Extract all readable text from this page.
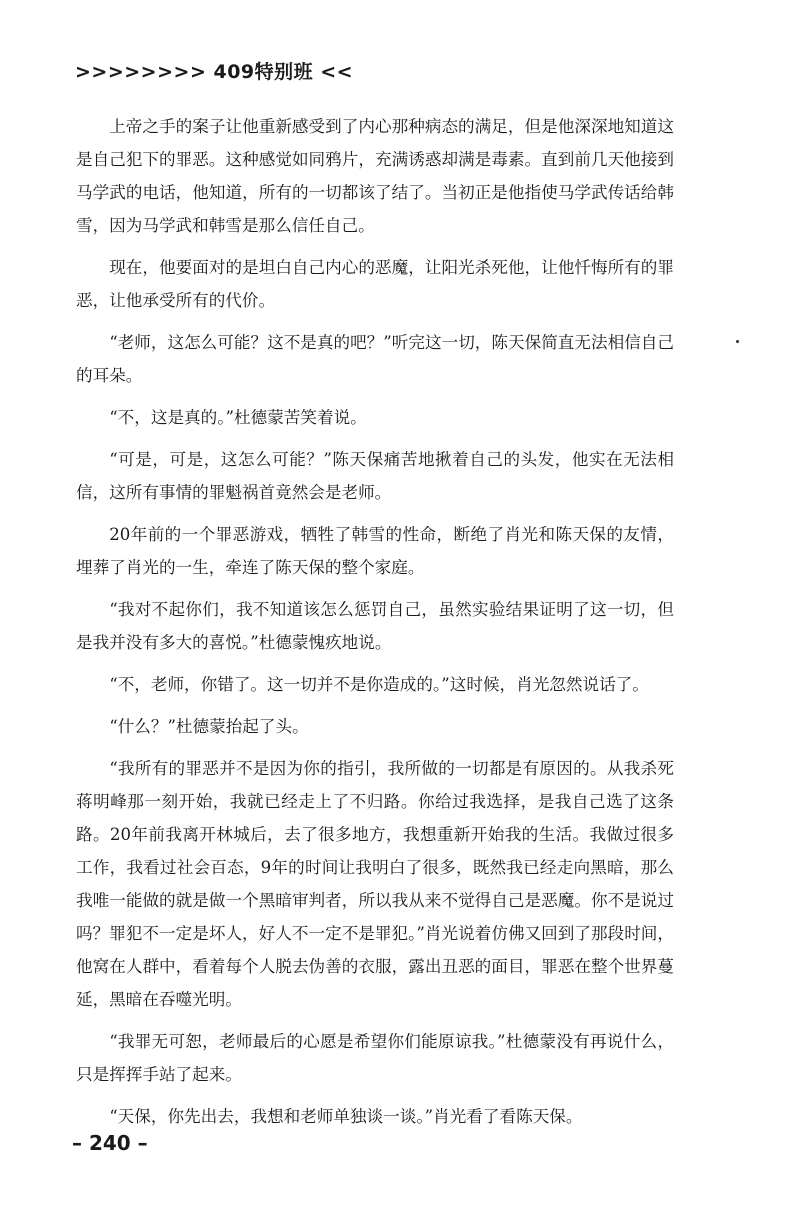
>>>>>>>> 409特别班 <<

上帝之手的案子让他重新感受到了内心那种病态的满足，但是他深深地知道这是自己犯下的罪恶。这种感觉如同鸦片，充满诱惑却满是毒素。直到前几天他接到马学武的电话，他知道，所有的一切都该了结了。当初正是他指使马学武传话给韩雪，因为马学武和韩雪是那么信任自己。

现在，他要面对的是坦白自己内心的恶魔，让阳光杀死他，让他忏悔所有的罪恶，让他承受所有的代价。

“老师，这怎么可能？这不是真的吧？”听完这一切，陈天保简直无法相信自己的耳朵。

“不，这是真的。”杜德蒙苦笑着说。

“可是，可是，这怎么可能？”陈天保痛苦地揪着自己的头发，他实在无法相信，这所有事情的罪魁祸首竟然会是老师。

20年前的一个罪恶游戏，牺牲了韩雪的性命，断绝了肖光和陈天保的友情，埋葬了肖光的一生，牵连了陈天保的整个家庭。

“我对不起你们，我不知道该怎么惩罚自己，虽然实验结果证明了这一切，但是我并没有多大的喜悦。”杜德蒙愧疚地说。

“不，老师，你错了。这一切并不是你造成的。”这时候，肖光忽然说话了。

“什么？”杜德蒙抬起了头。

“我所有的罪恶并不是因为你的指引，我所做的一切都是有原因的。从我杀死蒋明峰那一刻开始，我就已经走上了不归路。你给过我选择，是我自己选了这条路。20年前我离开林城后，去了很多地方，我想重新开始我的生活。我做过很多工作，我看过社会百态，9年的时间让我明白了很多，既然我已经走向黑暗，那么我唯一能做的就是做一个黑暗审判者，所以我从来不觉得自己是恶魔。你不是说过吗？罪犯不一定是坏人，好人不一定不是罪犯。”肖光说着仿佛又回到了那段时间，他窝在人群中，看着每个人脱去伪善的衣服，露出丑恶的面目，罪恶在整个世界蔓延，黑暗在吞噬光明。

“我罪无可恕，老师最后的心愿是希望你们能原谅我。”杜德蒙没有再说什么，只是挥挥手站了起来。

“天保，你先出去，我想和老师单独谈一谈。”肖光看了看陈天保。

– 240 –
